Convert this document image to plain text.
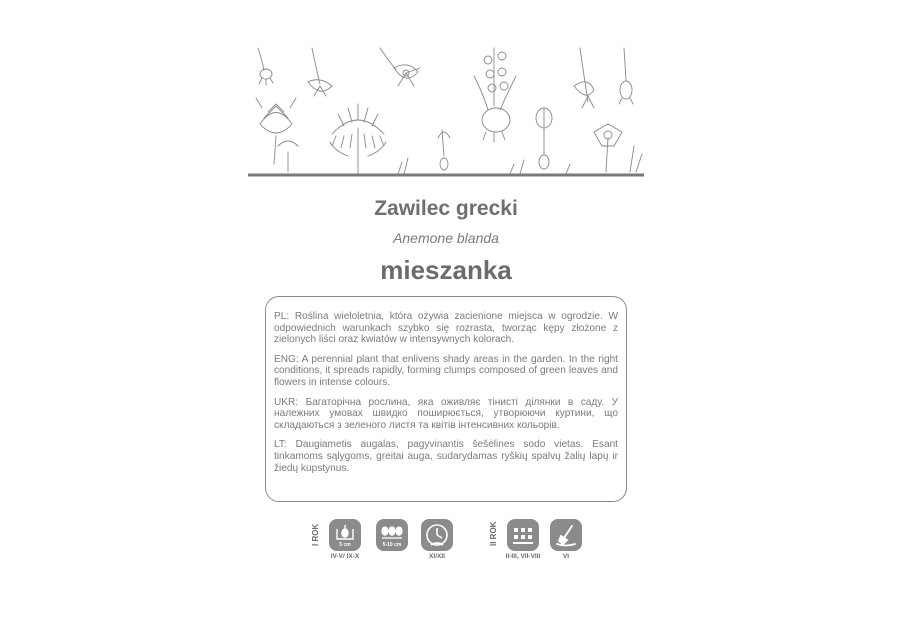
Zawilec grecki
Anemone blanda
mieszanka

PL: Roślina wieloletnia, która ożywia zacienione miejsca w ogrodzie. W odpowiednich warunkach szybko się rozrasta, tworząc kępy złożone z zielonych liści oraz kwiatów w intensywnych kolorach.

ENG: A perennial plant that enlivens shady areas in the garden. In the right conditions, it spreads rapidly, forming clumps composed of green leaves and flowers in intense colours.

UKR: Багаторічна рослина, яка оживляє тінисті ділянки в саду. У належних умовах швидко поширюється, утворюючи куртини, що складаються з зеленого листя та квітів інтенсивних кольорів.

LT: Daugiametis augalas, pagyvinantis šešėlines sodo vietas. Esant tinkamoms sąlygoms, greitai auga, sudarydamas ryškių spalvų žalių lapų ir žiedų kupstynus.

I ROK	5 cm
IV-V/ IX-X
5-10 cm
XI/XII
II ROK
II-III, VII-VIII	VI
